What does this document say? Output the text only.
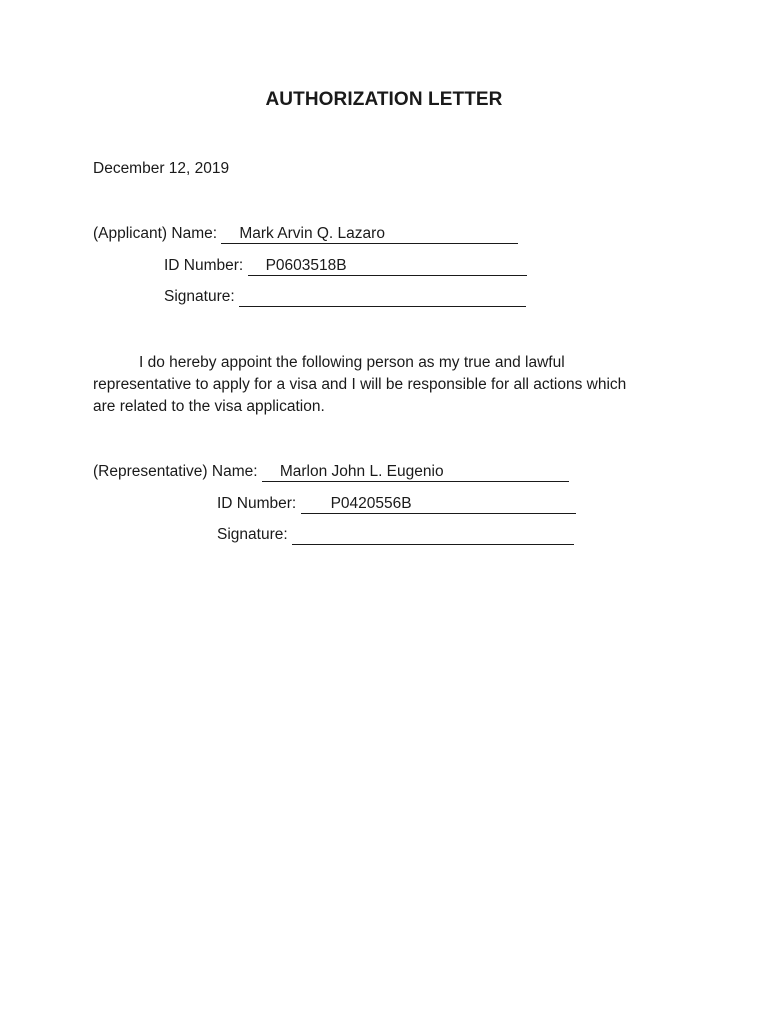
AUTHORIZATION LETTER

December 12, 2019

(Applicant) Name: Mark Arvin Q. Lazaro
ID Number: P0603518B
Signature:

I do hereby appoint the following person as my true and lawful
representative to apply for a visa and I will be responsible for all actions which
are related to the visa application.

(Representative) Name: Marlon John L. Eugenio
ID Number: P0420556B
Signature:
